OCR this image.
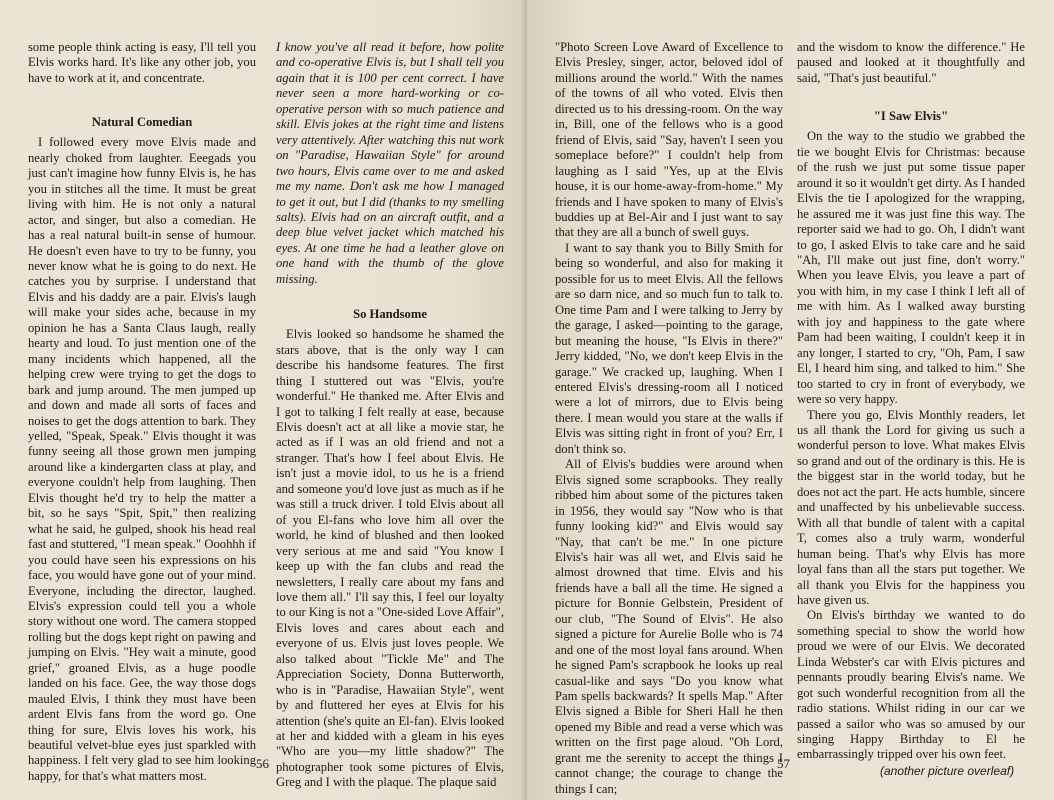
some people think acting is easy, I'll tell you Elvis works hard. It's like any other job, you have to work at it, and concentrate.

Natural Comedian

I followed every move Elvis made and nearly choked from laughter. Eeegads you just can't imagine how funny Elvis is, he has you in stitches all the time. It must be great living with him. He is not only a natural actor, and singer, but also a comedian. He has a real natural built-in sense of humour. He doesn't even have to try to be funny, you never know what he is going to do next. He catches you by surprise. I understand that Elvis and his daddy are a pair. Elvis's laugh will make your sides ache, because in my opinion he has a Santa Claus laugh, really hearty and loud. To just mention one of the many incidents which happened, all the helping crew were trying to get the dogs to bark and jump around. The men jumped up and down and made all sorts of faces and noises to get the dogs attention to bark. They yelled, "Speak, Speak." Elvis thought it was funny seeing all those grown men jumping around like a kindergarten class at play, and everyone couldn't help from laughing. Then Elvis thought he'd try to help the matter a bit, so he says "Spit, Spit," then realizing what he said, he gulped, shook his head real fast and stuttered, "I mean speak." Ooohhh if you could have seen his expressions on his face, you would have gone out of your mind. Everyone, including the director, laughed. Elvis's expression could tell you a whole story without one word. The camera stopped rolling but the dogs kept right on pawing and jumping on Elvis. "Hey wait a minute, good grief," groaned Elvis, as a huge poodle landed on his face. Gee, the way those dogs mauled Elvis, I think they must have been ardent Elvis fans from the word go. One thing for sure, Elvis loves his work, his beautiful velvet-blue eyes just sparkled with happiness. I felt very glad to see him looking happy, for that's what matters most.

I know you've all read it before, how polite and co-operative Elvis is, but I shall tell you again that it is 100 per cent correct. I have never seen a more hard-working or co-operative person with so much patience and skill. Elvis jokes at the right time and listens very attentively. After watching this nut work on "Paradise, Hawaiian Style" for around two hours, Elvis came over to me and asked me my name. Don't ask me how I managed to get it out, but I did (thanks to my smelling salts). Elvis had on an aircraft outfit, and a deep blue velvet jacket which matched his eyes. At one time he had a leather glove on one hand with the thumb of the glove missing.

So Handsome

Elvis looked so handsome he shamed the stars above, that is the only way I can describe his handsome features. The first thing I stuttered out was "Elvis, you're wonderful." He thanked me. After Elvis and I got to talking I felt really at ease, because Elvis doesn't act at all like a movie star, he acted as if I was an old friend and not a stranger. That's how I feel about Elvis. He isn't just a movie idol, to us he is a friend and someone you'd love just as much as if he was still a truck driver. I told Elvis about all of you El-fans who love him all over the world, he kind of blushed and then looked very serious at me and said "You know I keep up with the fan clubs and read the newsletters, I really care about my fans and love them all." I'll say this, I feel our loyalty to our King is not a "One-sided Love Affair", Elvis loves and cares about each and everyone of us. Elvis just loves people. We also talked about "Tickle Me" and The Appreciation Society, Donna Butterworth, who is in "Paradise, Hawaiian Style", went by and fluttered her eyes at Elvis for his attention (she's quite an El-fan). Elvis looked at her and kidded with a gleam in his eyes "Who are you—my little shadow?" The photographer took some pictures of Elvis, Greg and I with the plaque. The plaque said

56

"Photo Screen Love Award of Excellence to Elvis Presley, singer, actor, beloved idol of millions around the world." With the names of the towns of all who voted. Elvis then directed us to his dressing-room. On the way in, Bill, one of the fellows who is a good friend of Elvis, said "Say, haven't I seen you someplace before?" I couldn't help from laughing as I said "Yes, up at the Elvis house, it is our home-away-from-home." My friends and I have spoken to many of Elvis's buddies up at Bel-Air and I just want to say that they are all a bunch of swell guys.

I want to say thank you to Billy Smith for being so wonderful, and also for making it possible for us to meet Elvis. All the fellows are so darn nice, and so much fun to talk to. One time Pam and I were talking to Jerry by the garage, I asked—pointing to the garage, but meaning the house, "Is Elvis in there?" Jerry kidded, "No, we don't keep Elvis in the garage." We cracked up, laughing. When I entered Elvis's dressing-room all I noticed were a lot of mirrors, due to Elvis being there. I mean would you stare at the walls if Elvis was sitting right in front of you? Err, I don't think so.

All of Elvis's buddies were around when Elvis signed some scrapbooks. They really ribbed him about some of the pictures taken in 1956, they would say "Now who is that funny looking kid?" and Elvis would say "Nay, that can't be me." In one picture Elvis's hair was all wet, and Elvis said he almost drowned that time. Elvis and his friends have a ball all the time. He signed a picture for Bonnie Gelbstein, President of our club, "The Sound of Elvis". He also signed a picture for Aurelie Bolle who is 74 and one of the most loyal fans around. When he signed Pam's scrapbook he looks up real casual-like and says "Do you know what Pam spells backwards? It spells Map." After Elvis signed a Bible for Sheri Hall he then opened my Bible and read a verse which was written on the first page aloud. "Oh Lord, grant me the serenity to accept the things I cannot change; the courage to change the things I can;

and the wisdom to know the difference." He paused and looked at it thoughtfully and said, "That's just beautiful."

"I Saw Elvis"

On the way to the studio we grabbed the tie we bought Elvis for Christmas: because of the rush we just put some tissue paper around it so it wouldn't get dirty. As I handed Elvis the tie I apologized for the wrapping, he assured me it was just fine this way. The reporter said we had to go. Oh, I didn't want to go, I asked Elvis to take care and he said "Ah, I'll make out just fine, don't worry." When you leave Elvis, you leave a part of you with him, in my case I think I left all of me with him. As I walked away bursting with joy and happiness to the gate where Pam had been waiting, I couldn't keep it in any longer, I started to cry, "Oh, Pam, I saw El, I heard him sing, and talked to him." She too started to cry in front of everybody, we were so very happy.

There you go, Elvis Monthly readers, let us all thank the Lord for giving us such a wonderful person to love. What makes Elvis so grand and out of the ordinary is this. He is the biggest star in the world today, but he does not act the part. He acts humble, sincere and unaffected by his unbelievable success. With all that bundle of talent with a capital T, comes also a truly warm, wonderful human being. That's why Elvis has more loyal fans than all the stars put together. We all thank you Elvis for the happiness you have given us.

On Elvis's birthday we wanted to do something special to show the world how proud we were of our Elvis. We decorated Linda Webster's car with Elvis pictures and pennants proudly bearing Elvis's name. We got such wonderful recognition from all the radio stations. Whilst riding in our car we passed a sailor who was so amused by our singing Happy Birthday to El he embarrassingly tripped over his own feet.

57	(another picture overleaf)
